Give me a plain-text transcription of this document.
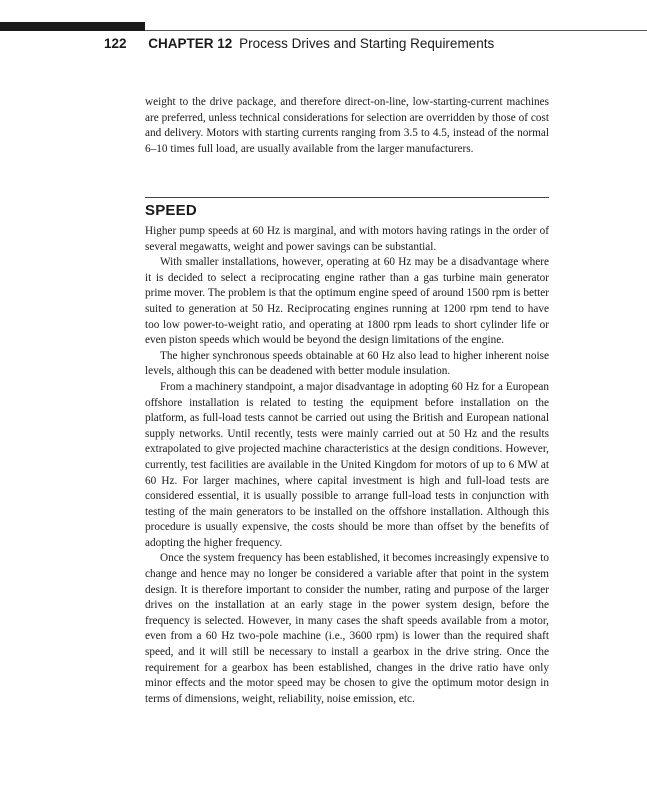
122 CHAPTER 12 Process Drives and Starting Requirements

weight to the drive package, and therefore direct-on-line, low-starting-current machines are preferred, unless technical considerations for selection are overridden by those of cost and delivery. Motors with starting currents ranging from 3.5 to 4.5, instead of the normal 6–10 times full load, are usually available from the larger manufacturers.

SPEED

Higher pump speeds at 60 Hz is marginal, and with motors having ratings in the order of several megawatts, weight and power savings can be substantial.

With smaller installations, however, operating at 60 Hz may be a disadvantage where it is decided to select a reciprocating engine rather than a gas turbine main generator prime mover. The problem is that the optimum engine speed of around 1500 rpm is better suited to generation at 50 Hz. Reciprocating engines running at 1200 rpm tend to have too low power-to-weight ratio, and operating at 1800 rpm leads to short cylinder life or even piston speeds which would be beyond the design limitations of the engine.

The higher synchronous speeds obtainable at 60 Hz also lead to higher inherent noise levels, although this can be deadened with better module insulation.

From a machinery standpoint, a major disadvantage in adopting 60 Hz for a European offshore installation is related to testing the equipment before installation on the platform, as full-load tests cannot be carried out using the British and European national supply networks. Until recently, tests were mainly carried out at 50 Hz and the results extrapolated to give projected machine characteristics at the design conditions. However, currently, test facilities are available in the United Kingdom for motors of up to 6 MW at 60 Hz. For larger machines, where capital investment is high and full-load tests are considered essential, it is usually possible to arrange full-load tests in conjunction with testing of the main generators to be installed on the offshore installation. Although this procedure is usually expensive, the costs should be more than offset by the benefits of adopting the higher frequency.

Once the system frequency has been established, it becomes increasingly expensive to change and hence may no longer be considered a variable after that point in the system design. It is therefore important to consider the number, rating and purpose of the larger drives on the installation at an early stage in the power system design, before the frequency is selected. However, in many cases the shaft speeds available from a motor, even from a 60 Hz two-pole machine (i.e., 3600 rpm) is lower than the required shaft speed, and it will still be necessary to install a gearbox in the drive string. Once the requirement for a gearbox has been established, changes in the drive ratio have only minor effects and the motor speed may be chosen to give the optimum motor design in terms of dimensions, weight, reliability, noise emission, etc.
